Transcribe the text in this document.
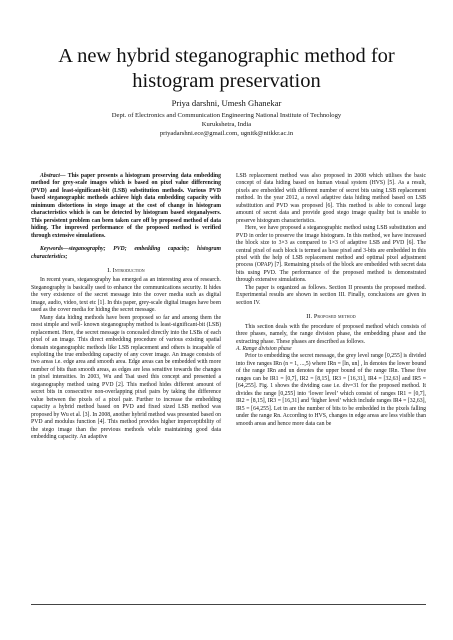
A new hybrid steganographic method for histogram preservation
Priya darshni, Umesh Ghanekar
Dept. of Electronics and Communication Engineering National Institute of Technology
Kurukshetra, India
priyadarshni.ece@gmail.com, ugnitk@nitkkr.ac.in

Abstract— This paper presents a histogram preserving data embedding method for grey-scale images which is based on pixel value differencing (PVD) and least-significant-bit (LSB) substitution methods. Various PVD based steganographic methods achieve high data embedding capacity with minimum distortions in stego image at the cost of change in histogram characteristics which is can be detected by histogram based steganalysers. This persistent problem can been taken care off by proposed method of data hiding. The improved performance of the proposed method is verified through extensive simulations.

Keywords—steganography; PVD; embedding capacity; histogram characteristics;

I. Introduction

In recent years, steganography has emerged as an interesting area of research. Steganography is basically used to enhance the communications security. It hides the very existence of the secret message into the cover media such as digital image, audio, video, text etc [1]. In this paper, grey-scale digital images have been used as the cover media for hiding the secret message.

Many data hiding methods have been proposed so far and among them the most simple and well- known steganography method is least-significant-bit (LSB) replacement. Here, the secret message is concealed directly into the LSBs of each pixel of an image. This direct embedding procedure of various existing spatial domain steganographic methods like LSB replacement and others is incapable of exploiting the true embedding capacity of any cover image. An image consists of two areas i.e. edge area and smooth area. Edge areas can be embedded with more number of bits than smooth areas, as edges are less sensitive towards the changes in pixel intensities. In 2003, Wu and Tsai used this concept and presented a steganography method using PVD [2]. This method hides different amount of secret bits in consecutive non-overlapping pixel pairs by taking the difference value between the pixels of a pixel pair. Further to increase the embedding capacity a hybrid method based on PVD and fixed sized LSB method was proposed by Wu et al. [3]. In 2008, another hybrid method was presented based on PVD and modulus function [4]. This method provides higher imperceptibility of the stego image than the previous methods while maintaining good data embedding capacity. An adaptive

LSB replacement method was also proposed in 2008 which utilises the basic concept of data hiding based on human visual system (HVS) [5]. As a result, pixels are embedded with different number of secret bits using LSB replacement method. In the year 2012, a novel adaptive data hiding method based on LSB substitution and PVD was proposed [6]. This method is able to conceal large amount of secret data and provide good stego image quality but is unable to preserve histogram characteristics.

Here, we have proposed a steganographic method using LSB substitution and PVD in order to preserve the image histogram. In this method, we have increased the block size to 3×3 as compared to 1×3 of adaptive LSB and PVD [6]. The central pixel of each block is termed as base pixel and 3-bits are embedded in this pixel with the help of LSB replacement method and optimal pixel adjustment process (OPAP) [7]. Remaining pixels of the block are embedded with secret data bits using PVD. The performance of the proposed method is demonstrated through extensive simulations.

The paper is organized as follows. Section II presents the proposed method. Experimental results are shown in section III. Finally, conclusions are given in section IV.

II. Proposed method

This section deals with the procedure of proposed method which consists of three phases, namely, the range division phase, the embedding phase and the extracting phase. These phases are described as follows.

A. Range division phase

Prior to embedding the secret message, the grey level range [0,255] is divided into five ranges IRn (n = 1, ...,5) where IRn = [ln, un] , ln denotes the lower bound of the range IRn and un denotes the upper bound of the range IRn. These five ranges can be IR1 = [0,7], IR2 = [8,15], IR3 = [16,31], IR4 = [32,63] and IR5 = [64,255]. Fig. 1 shows the dividing case i.e. div=31 for the proposed method. It divides the range [0,255] into ‘lower level’ which consist of ranges IR1 = [0,7], IR2 = [8,15], IR3 = [16,31] and ‘higher level’ which include ranges IR4 = [32,63], IR5 = [64,255]. Let tn are the number of bits to be embedded in the pixels falling under the range Rn. According to HVS, changes in edge areas are less visible than smooth areas and hence more data can be
